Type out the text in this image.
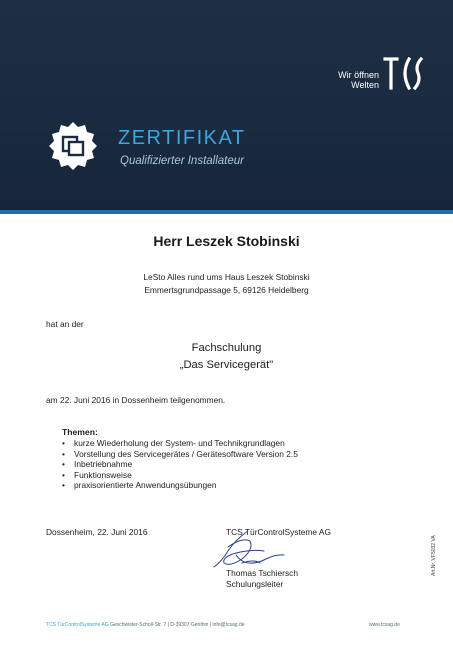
Wir öffnen
Welten
ZERTIFIKAT
Qualifizierter Installateur
Herr Leszek Stobinski
LeSto Alles rund ums Haus Leszek Stobinski
Emmertsgrundpassage 5, 69126 Heidelberg
hat an der
Fachschulung
„Das Servicegerät"
am 22. Juni 2016 in Dossenheim teilgenommen.
Themen:
• kurze Wiederholung der System- und Technikgrundlagen
• Vorstellung des Servicegerätes / Gerätesoftware Version 2.5
• Inbetriebnahme
• Funktionsweise
• praxisorientierte Anwendungsübungen
Dossenheim, 22. Juni 2016	TCS TürControlSysteme AG
Thomas Tschiersch
Schulungsleiter
TCS TürControlSysteme AG Geschwister-Scholl-Str. 7 | D-39307 Genthin | info@tcsag.de	www.tcsag.de
Art.Nr. VF5032 VA
